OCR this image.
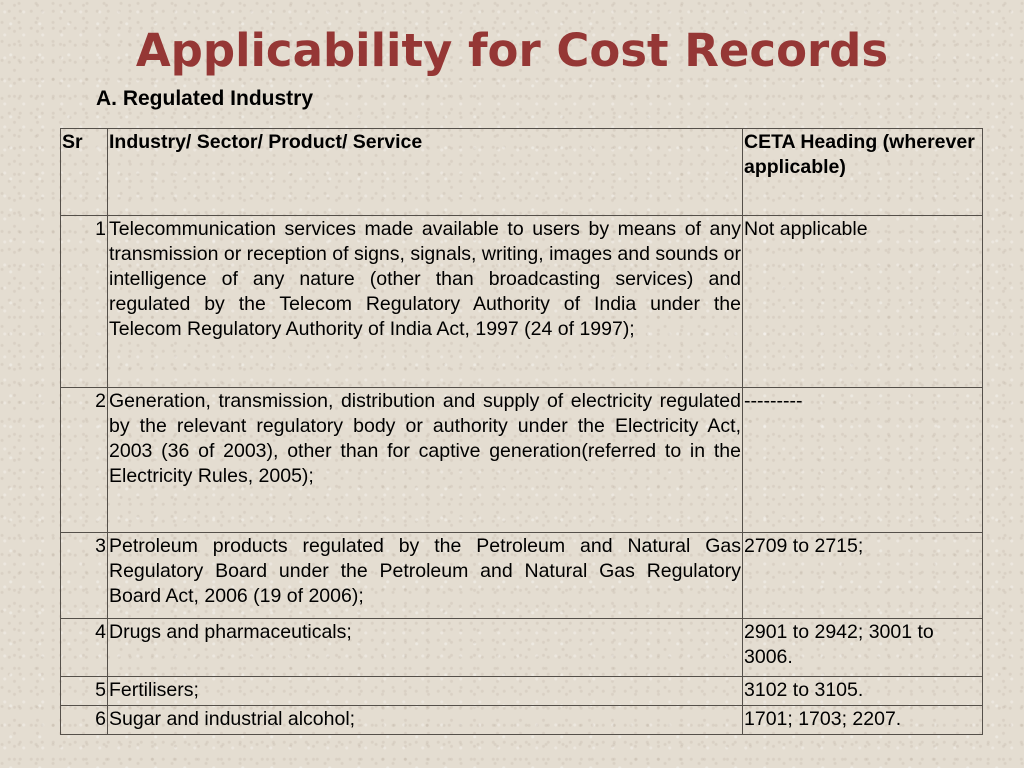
Applicability for Cost Records
A. Regulated Industry
Sr	Industry/ Sector/ Product/ Service	CETA Heading (wherever applicable)
1	Telecommunication services made available to users by means of any transmission or reception of signs, signals, writing, images and sounds or intelligence of any nature (other than broadcasting services) and regulated by the Telecom Regulatory Authority of India under the Telecom Regulatory Authority of India Act, 1997 (24 of 1997);	Not applicable
2	Generation, transmission, distribution and supply of electricity regulated by the relevant regulatory body or authority under the Electricity Act, 2003 (36 of 2003), other than for captive generation(referred to in the Electricity Rules, 2005);	---------
3	Petroleum products regulated by the Petroleum and Natural Gas Regulatory Board under the Petroleum and Natural Gas Regulatory Board Act, 2006 (19 of 2006);	2709 to 2715;
4	Drugs and pharmaceuticals;	2901 to 2942; 3001 to 3006.
5	Fertilisers;	3102 to 3105.
6	Sugar and industrial alcohol;	1701; 1703; 2207.
